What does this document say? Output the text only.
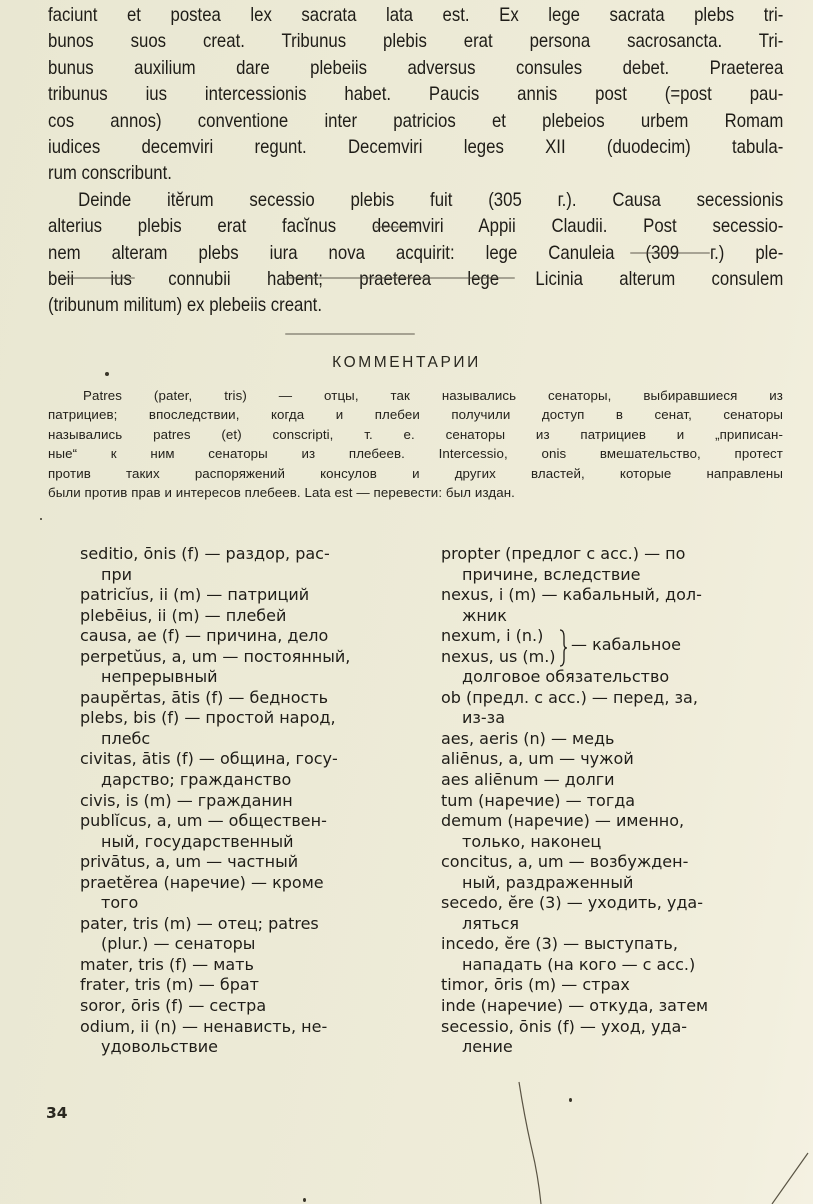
faciunt et postea lex sacrata lata est. Ex lege sacrata plebs tri-
bunos suos creat. Tribunus plebis erat persona sacrosancta. Tri-
bunus auxilium dare plebeiis adversus consules debet. Praeterea
tribunus ius intercessionis habet. Paucis annis post (=post pau-
cos annos) conventione inter patricios et plebeios urbem Romam
iudices decemviri regunt. Decemviri leges XII (duodecim) tabula-
rum conscribunt.
Deinde itĕrum secessio plebis fuit (305 г.). Causa secessionis
alterius plebis erat facĭnus decemviri Appii Claudii. Post secessio-
nem alteram plebs iura nova acquirit: lege Canuleia (309 г.) ple-
beii ius connubii habent; praeterea lege Licinia alterum consulem
(tribunum militum) ex plebeiis creant.
КОММЕНТАРИИ
Patres (pater, tris) — отцы, так назывались сенаторы, выбиравшиеся из
патрициев; впоследствии, когда и плебеи получили доступ в сенат, сенаторы
назывались patres (et) conscripti, т. е. сенаторы из патрициев и „приписан-
ные“ к ним сенаторы из плебеев. Intercessio, onis вмешательство, протест
против таких распоряжений консулов и других властей, которые направлены
были против прав и интересов плебеев. Lata est — перевести: был издан.
seditio, ōnis (f) — раздор, рас-
при
patricĭus, ii (m) — патриций
plebēius, ii (m) — плебей
causa, ae (f) — причина, дело
perpetŭus, a, um — постоянный,
непрерывный
paupĕrtas, ātis (f) — бедность
plebs, bis (f) — простой народ,
плебс
civitas, ātis (f) — община, госу-
дарство; гражданство
civis, is (m) — гражданин
publĭcus, a, um — обществен-
ный, государственный
privātus, a, um — частный
praetĕrea (наречие) — кроме
того
pater, tris (m) — отец; patres
(plur.) — сенаторы
mater, tris (f) — мать
frater, tris (m) — брат
soror, ōris (f) — сестра
odium, ii (n) — ненависть, не-
удовольствие
propter (предлог с acc.) — по
причине, вследствие
nexus, i (m) — кабальный, дол-
жник
nexum, i (n.)
nexus, us (m.)
— кабальное
долговое обязательство
ob (предл. с acc.) — перед, за,
из-за
aes, aeris (n) — медь
aliēnus, a, um — чужой
aes aliēnum — долги
tum (наречие) — тогда
demum (наречие) — именно,
только, наконец
concitus, a, um — возбужден-
ный, раздраженный
secedo, ĕre (3) — уходить, уда-
ляться
incedo, ĕre (3) — выступать,
нападать (на кого — с acc.)
timor, ōris (m) — страх
inde (наречие) — откуда, затем
secessio, ōnis (f) — уход, уда-
ление
34
